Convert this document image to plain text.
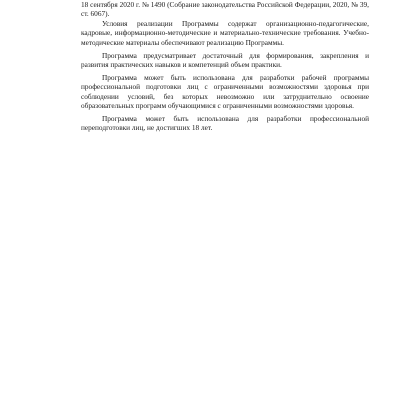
18 сентября 2020 г. № 1490 (Собрание законодательства Российской Федерации, 2020, № 39, ст. 6067).

Условия реализации Программы содержат организационно-педагогические, кадровые, информационно-методические и материально-технические требования. Учебно-методические материалы обеспечивают реализацию Программы.

Программа предусматривает достаточный для формирования, закрепления и развития практических навыков и компетенций объем практики.

Программа может быть использована для разработки рабочей программы профессиональной подготовки лиц с ограниченными возможностями здоровья при соблюдении условий, без которых невозможно или затруднительно освоение образовательных программ обучающимися с ограниченными возможностями здоровья.

Программа может быть использована для разработки профессиональной переподготовки лиц, не достигших 18 лет.
